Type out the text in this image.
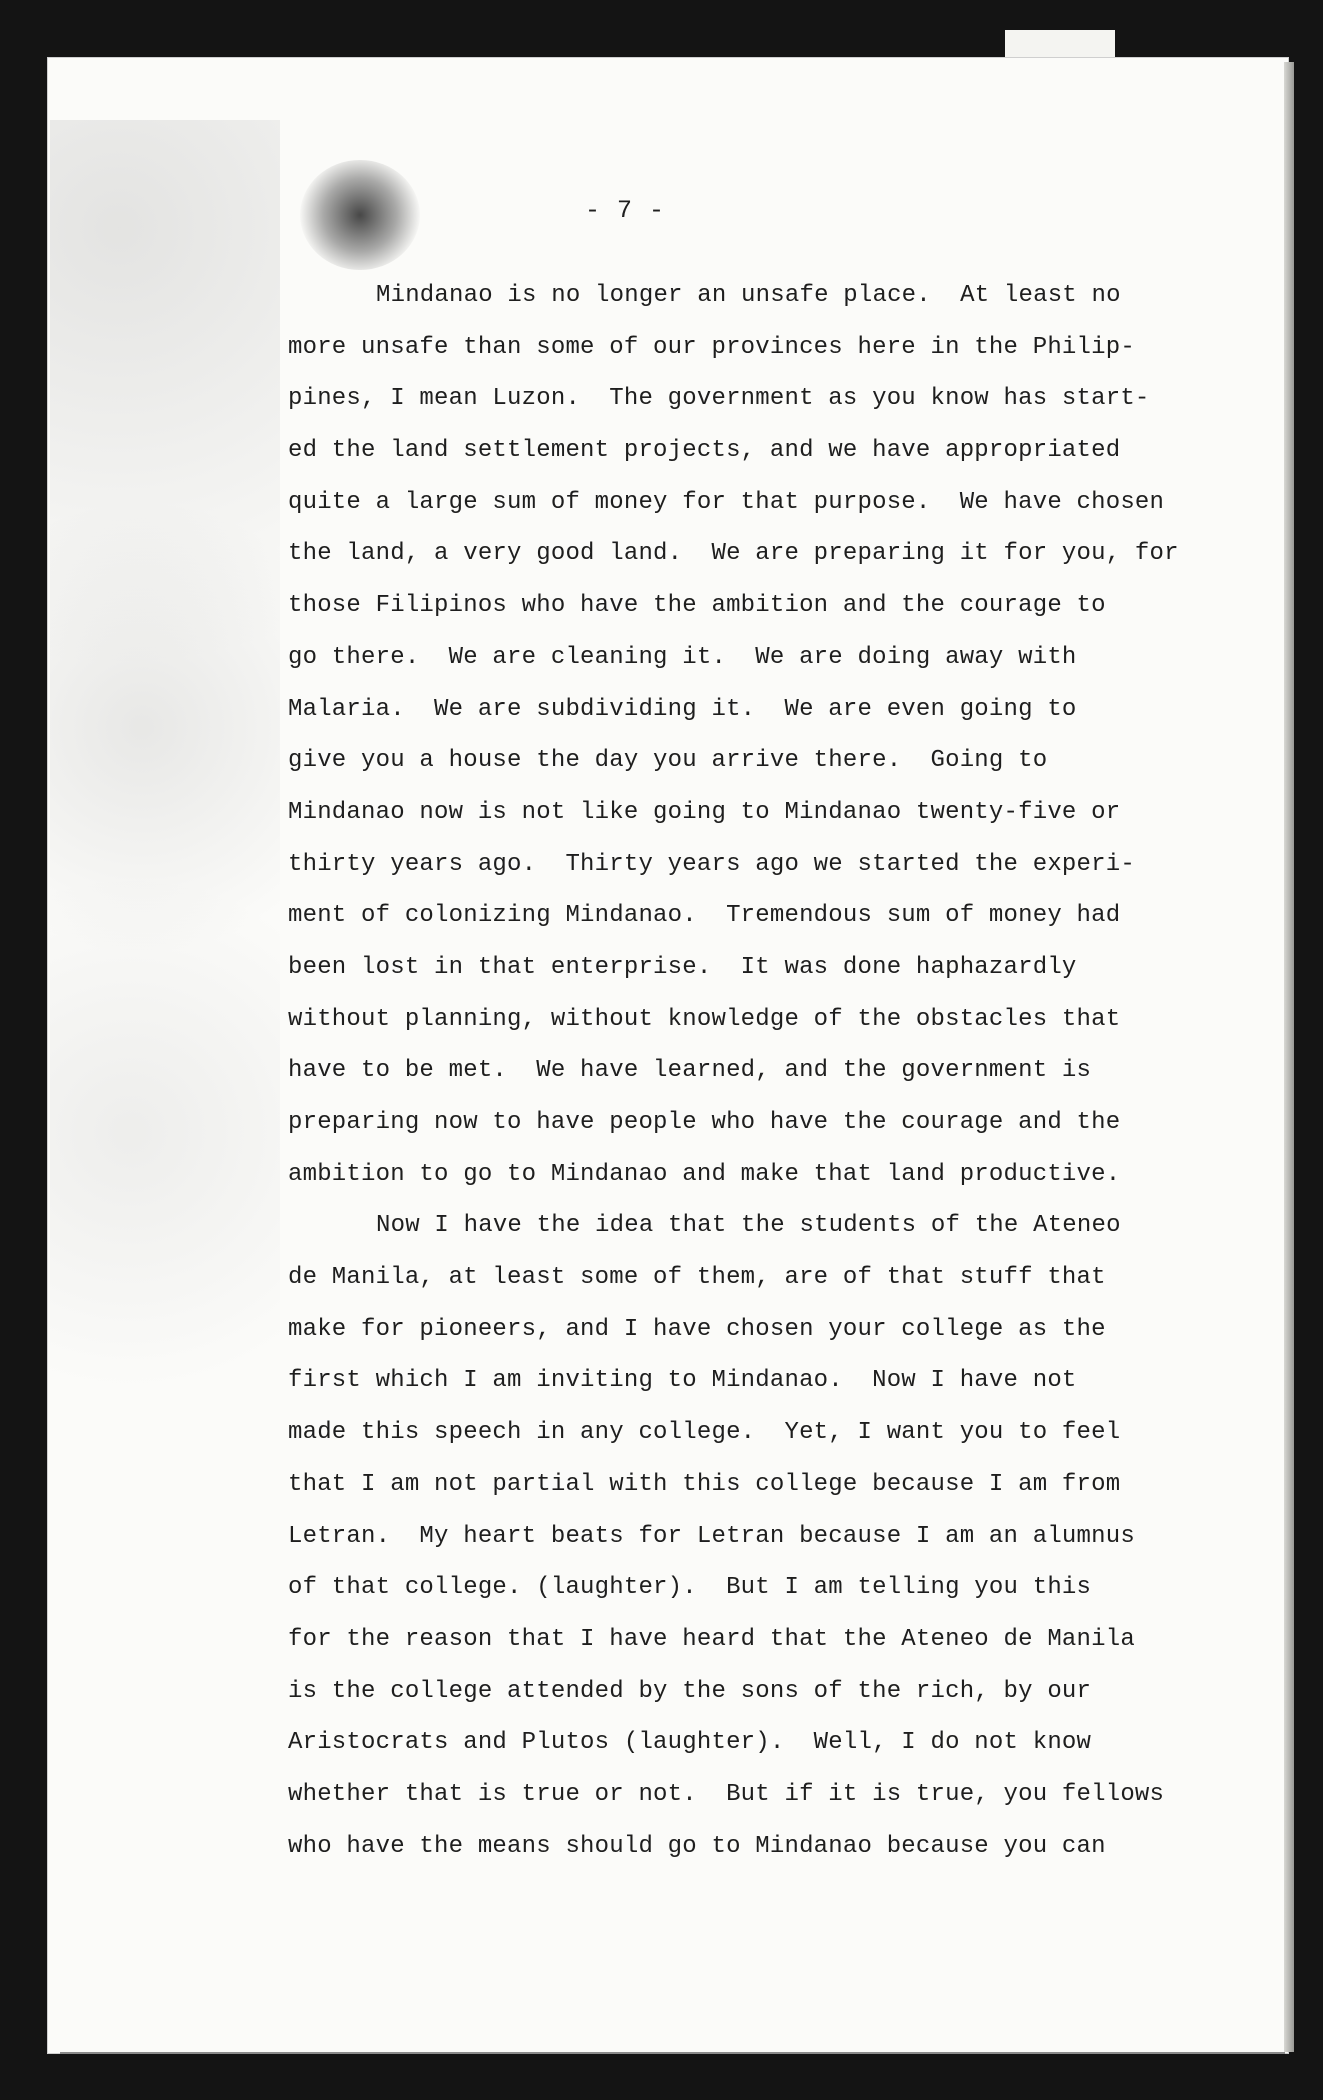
- 7 -
Mindanao is no longer an unsafe place.  At least no
more unsafe than some of our provinces here in the Philip-
pines, I mean Luzon.  The government as you know has start-
ed the land settlement projects, and we have appropriated
quite a large sum of money for that purpose.  We have chosen
the land, a very good land.  We are preparing it for you, for
those Filipinos who have the ambition and the courage to
go there.  We are cleaning it.  We are doing away with
Malaria.  We are subdividing it.  We are even going to
give you a house the day you arrive there.  Going to
Mindanao now is not like going to Mindanao twenty-five or
thirty years ago.  Thirty years ago we started the experi-
ment of colonizing Mindanao.  Tremendous sum of money had
been lost in that enterprise.  It was done haphazardly
without planning, without knowledge of the obstacles that
have to be met.  We have learned, and the government is
preparing now to have people who have the courage and the
ambition to go to Mindanao and make that land productive.
Now I have the idea that the students of the Ateneo
de Manila, at least some of them, are of that stuff that
make for pioneers, and I have chosen your college as the
first which I am inviting to Mindanao.  Now I have not
made this speech in any college.  Yet, I want you to feel
that I am not partial with this college because I am from
Letran.  My heart beats for Letran because I am an alumnus
of that college. (laughter).  But I am telling you this
for the reason that I have heard that the Ateneo de Manila
is the college attended by the sons of the rich, by our
Aristocrats and Plutos (laughter).  Well, I do not know
whether that is true or not.  But if it is true, you fellows
who have the means should go to Mindanao because you can
